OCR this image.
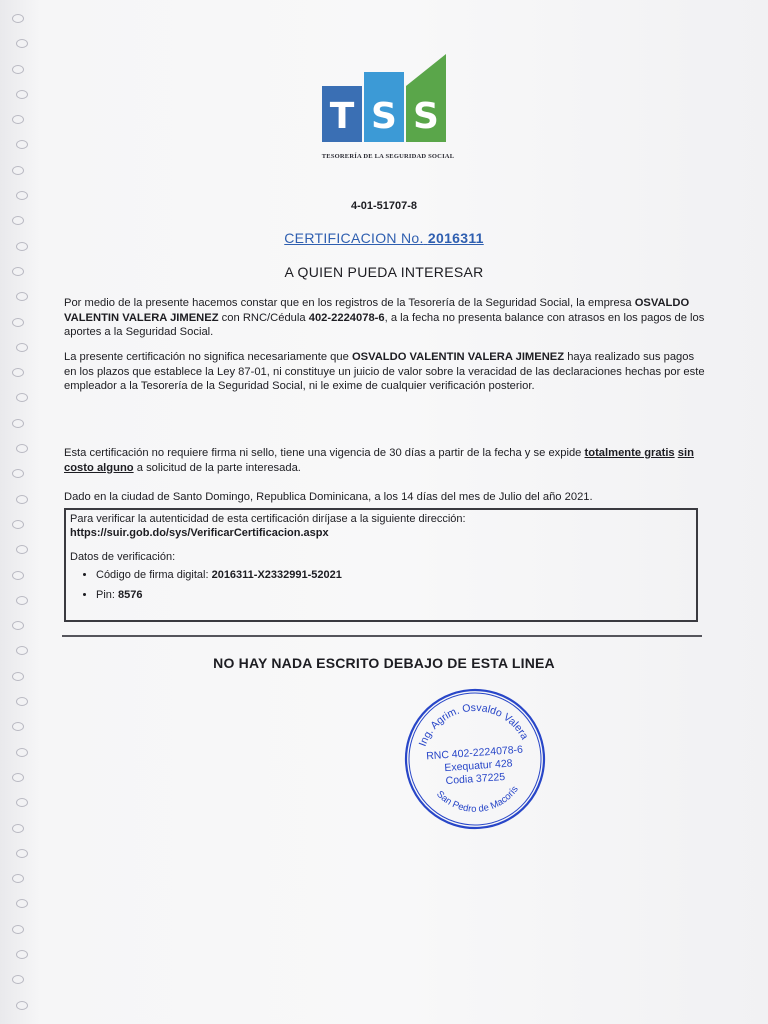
T S S
TESORERÍA DE LA SEGURIDAD SOCIAL
4-01-51707-8
CERTIFICACION No. 2016311
A QUIEN PUEDA INTERESAR

Por medio de la presente hacemos constar que en los registros de la Tesorería de la Seguridad Social, la empresa OSVALDO VALENTIN VALERA JIMENEZ con RNC/Cédula 402-2224078-6, a la fecha no presenta balance con atrasos en los pagos de los aportes a la Seguridad Social.

La presente certificación no significa necesariamente que OSVALDO VALENTIN VALERA JIMENEZ haya realizado sus pagos en los plazos que establece la Ley 87-01, ni constituye un juicio de valor sobre la veracidad de las declaraciones hechas por este empleador a la Tesorería de la Seguridad Social, ni le exime de cualquier verificación posterior.

Esta certificación no requiere firma ni sello, tiene una vigencia de 30 días a partir de la fecha y se expide totalmente gratis sin costo alguno a solicitud de la parte interesada.

Dado en la ciudad de Santo Domingo, Republica Dominicana, a los 14 días del mes de Julio del año 2021.

Para verificar la autenticidad de esta certificación diríjase a la siguiente dirección:
https://suir.gob.do/sys/VerificarCertificacion.aspx
Datos de verificación:
• Código de firma digital: 2016311-X2332991-52021
• Pin: 8576
NO HAY NADA ESCRITO DEBAJO DE ESTA LINEA
Ing. Agrim. Osvaldo Valera
RNC 402-2224078-6
Exequatur 428
Codia 37225
San Pedro de Macorís
